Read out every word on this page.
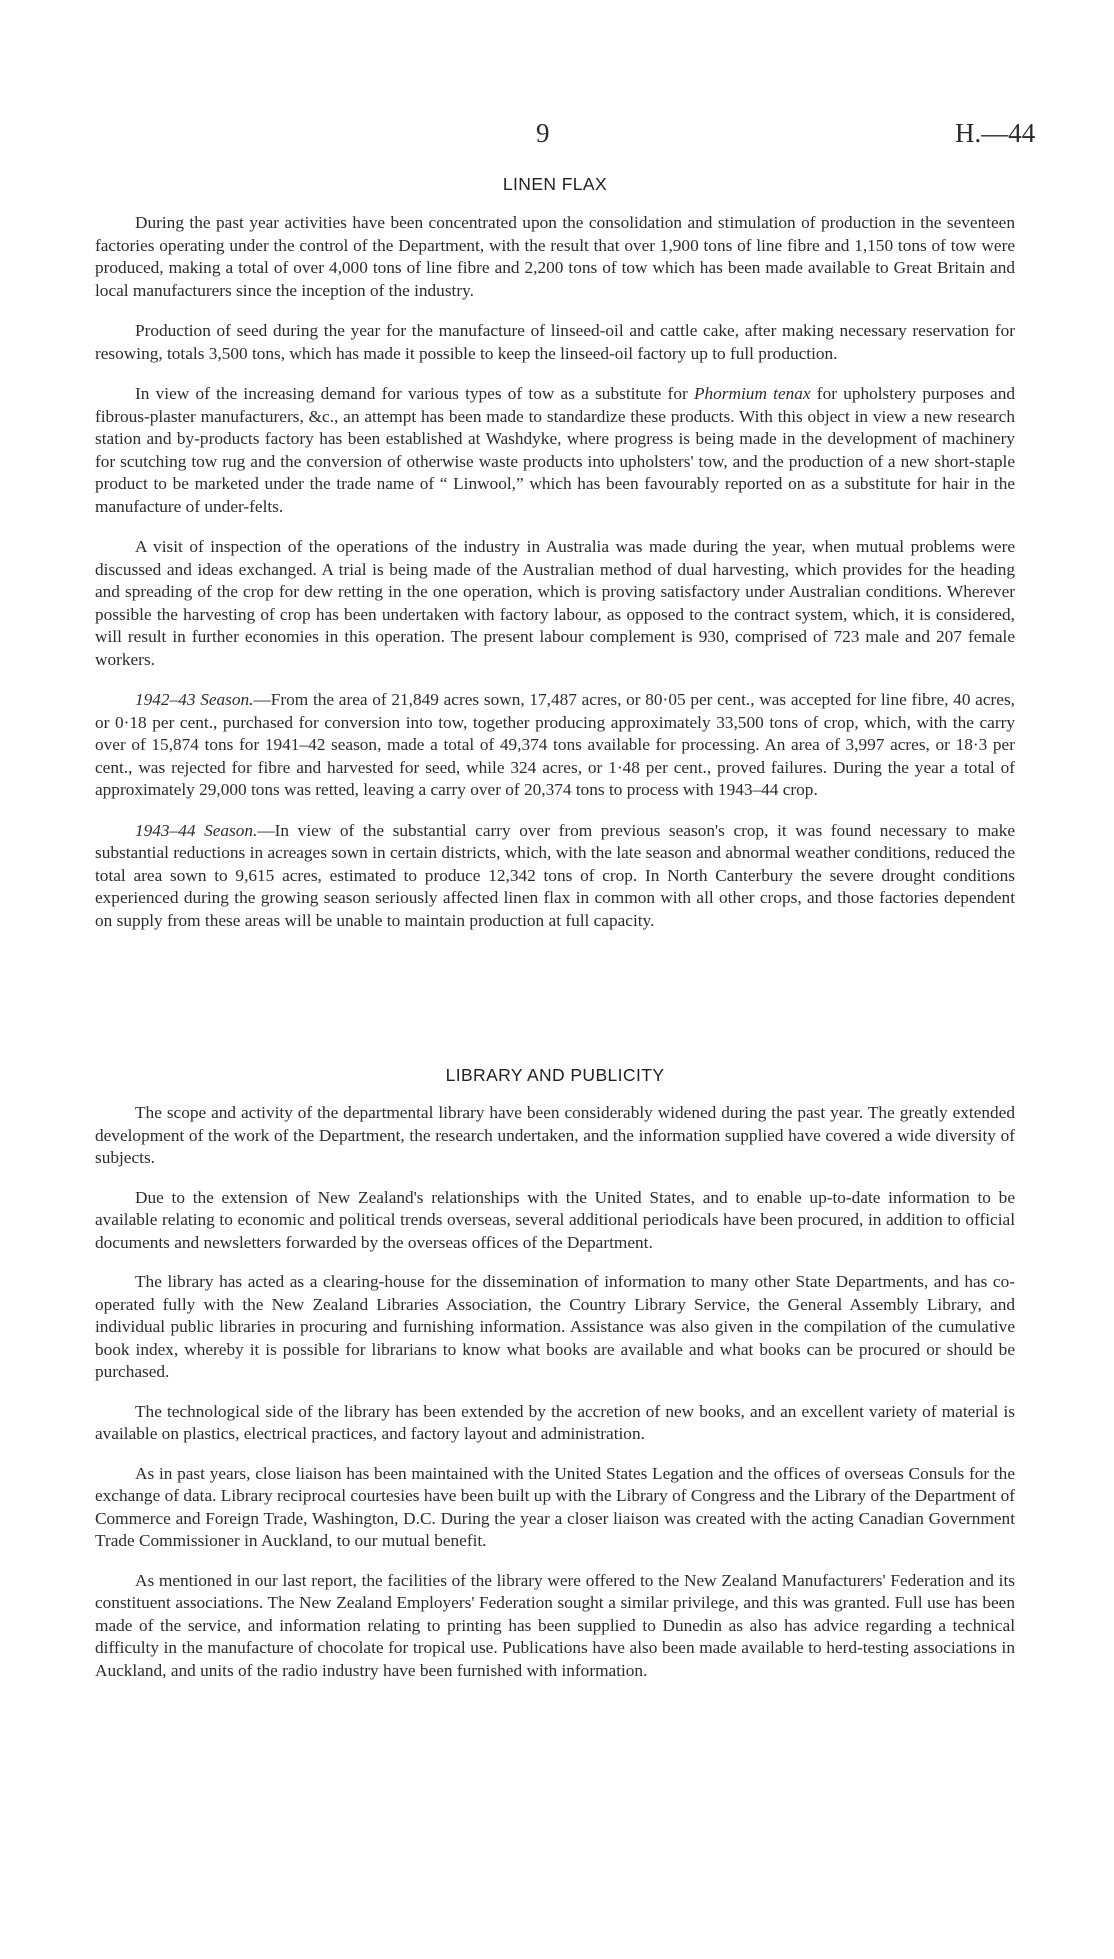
9	H.—44
LINEN FLAX

During the past year activities have been concentrated upon the consolidation and stimulation of production in the seventeen factories operating under the control of the Department, with the result that over 1,900 tons of line fibre and 1,150 tons of tow were produced, making a total of over 4,000 tons of line fibre and 2,200 tons of tow which has been made available to Great Britain and local manufacturers since the inception of the industry.

Production of seed during the year for the manufacture of linseed-oil and cattle cake, after making necessary reservation for resowing, totals 3,500 tons, which has made it possible to keep the linseed-oil factory up to full production.

In view of the increasing demand for various types of tow as a substitute for Phormium tenax for upholstery purposes and fibrous-plaster manufacturers, &c., an attempt has been made to standardize these products. With this object in view a new research station and by-products factory has been established at Washdyke, where progress is being made in the development of machinery for scutching tow rug and the conversion of otherwise waste products into upholsters' tow, and the production of a new short-staple product to be marketed under the trade name of “ Linwool,” which has been favourably reported on as a substitute for hair in the manufacture of under-felts.

A visit of inspection of the operations of the industry in Australia was made during the year, when mutual problems were discussed and ideas exchanged. A trial is being made of the Australian method of dual harvesting, which provides for the heading and spreading of the crop for dew retting in the one operation, which is proving satisfactory under Australian conditions. Wherever possible the harvesting of crop has been undertaken with factory labour, as opposed to the contract system, which, it is considered, will result in further economies in this operation. The present labour complement is 930, comprised of 723 male and 207 female workers.

1942–43 Season.—From the area of 21,849 acres sown, 17,487 acres, or 80·05 per cent., was accepted for line fibre, 40 acres, or 0·18 per cent., purchased for conversion into tow, together producing approximately 33,500 tons of crop, which, with the carry over of 15,874 tons for 1941–42 season, made a total of 49,374 tons available for processing. An area of 3,997 acres, or 18·3 per cent., was rejected for fibre and harvested for seed, while 324 acres, or 1·48 per cent., proved failures. During the year a total of approximately 29,000 tons was retted, leaving a carry over of 20,374 tons to process with 1943–44 crop.

1943–44 Season.—In view of the substantial carry over from previous season's crop, it was found necessary to make substantial reductions in acreages sown in certain districts, which, with the late season and abnormal weather conditions, reduced the total area sown to 9,615 acres, estimated to produce 12,342 tons of crop. In North Canterbury the severe drought conditions experienced during the growing season seriously affected linen flax in common with all other crops, and those factories dependent on supply from these areas will be unable to maintain production at full capacity.

LIBRARY AND PUBLICITY

The scope and activity of the departmental library have been considerably widened during the past year. The greatly extended development of the work of the Department, the research undertaken, and the information supplied have covered a wide diversity of subjects.

Due to the extension of New Zealand's relationships with the United States, and to enable up-to-date information to be available relating to economic and political trends overseas, several additional periodicals have been procured, in addition to official documents and newsletters forwarded by the overseas offices of the Department.

The library has acted as a clearing-house for the dissemination of information to many other State Departments, and has co-operated fully with the New Zealand Libraries Association, the Country Library Service, the General Assembly Library, and individual public libraries in procuring and furnishing information. Assistance was also given in the compilation of the cumulative book index, whereby it is possible for librarians to know what books are available and what books can be procured or should be purchased.

The technological side of the library has been extended by the accretion of new books, and an excellent variety of material is available on plastics, electrical practices, and factory layout and administration.

As in past years, close liaison has been maintained with the United States Legation and the offices of overseas Consuls for the exchange of data. Library reciprocal courtesies have been built up with the Library of Congress and the Library of the Department of Commerce and Foreign Trade, Washington, D.C. During the year a closer liaison was created with the acting Canadian Government Trade Commissioner in Auckland, to our mutual benefit.

As mentioned in our last report, the facilities of the library were offered to the New Zealand Manufacturers' Federation and its constituent associations. The New Zealand Employers' Federation sought a similar privilege, and this was granted. Full use has been made of the service, and information relating to printing has been supplied to Dunedin as also has advice regarding a technical difficulty in the manufacture of chocolate for tropical use. Publications have also been made available to herd-testing associations in Auckland, and units of the radio industry have been furnished with information.
